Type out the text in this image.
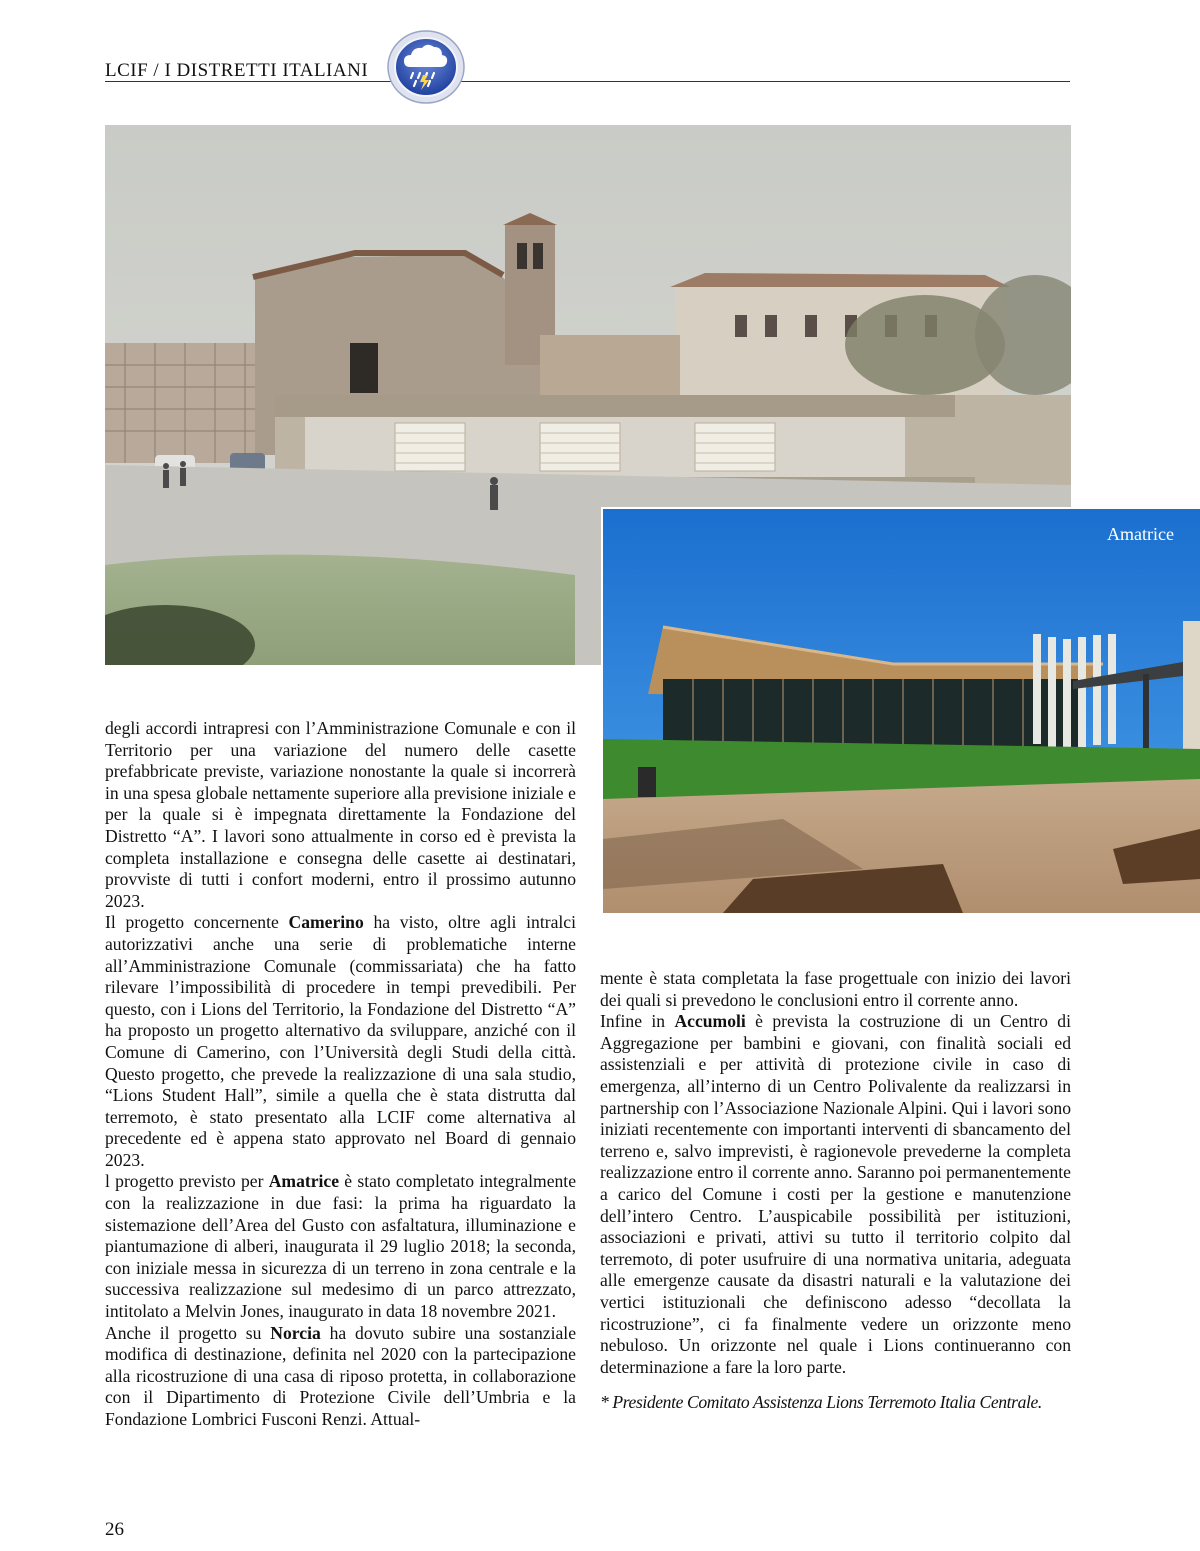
LCIF / I DISTRETTI ITALIANI
Amatrice

degli accordi intrapresi con l’Amministrazione Comunale e con il Territorio per una variazione del numero delle casette prefabbricate previste, variazione nonostante la quale si incorrerà in una spesa globale nettamente superiore alla previsione iniziale e per la quale si è impegnata direttamente la Fondazione del Distretto “A”. I lavori sono attualmente in corso ed è prevista la completa installazione e consegna delle casette ai destinatari, provviste di tutti i confort moderni, entro il prossimo autunno 2023.

Il progetto concernente Camerino ha visto, oltre agli intralci autorizzativi anche una serie di problematiche interne all’Amministrazione Comunale (commissariata) che ha fatto rilevare l’impossibilità di procedere in tempi prevedibili. Per questo, con i Lions del Territorio, la Fondazione del Distretto “A” ha proposto un progetto alternativo da sviluppare, anziché con il Comune di Camerino, con l’Università degli Studi della città. Questo progetto, che prevede la realizzazione di una sala studio, “Lions Student Hall”, simile a quella che è stata distrutta dal terremoto, è stato presentato alla LCIF come alternativa al precedente ed è appena stato approvato nel Board di gennaio 2023.

l progetto previsto per Amatrice è stato completato integralmente con la realizzazione in due fasi: la prima ha riguardato la sistemazione dell’Area del Gusto con asfaltatura, illuminazione e piantumazione di alberi, inaugurata il 29 luglio 2018; la seconda, con iniziale messa in sicurezza di un terreno in zona centrale e la successiva realizzazione sul medesimo di un parco attrezzato, intitolato a Melvin Jones, inaugurato in data 18 novembre 2021.

Anche il progetto su Norcia ha dovuto subire una sostanziale modifica di destinazione, definita nel 2020 con la partecipazione alla ricostruzione di una casa di riposo protetta, in collaborazione con il Dipartimento di Protezione Civile dell’Umbria e la Fondazione Lombrici Fusconi Renzi. Attual-

mente è stata completata la fase progettuale con inizio dei lavori dei quali si prevedono le conclusioni entro il corrente anno.

Infine in Accumoli è prevista la costruzione di un Centro di Aggregazione per bambini e giovani, con finalità sociali ed assistenziali e per attività di protezione civile in caso di emergenza, all’interno di un Centro Polivalente da realizzarsi in partnership con l’Associazione Nazionale Alpini. Qui i lavori sono iniziati recentemente con importanti interventi di sbancamento del terreno e, salvo imprevisti, è ragionevole prevederne la completa realizzazione entro il corrente anno. Saranno poi permanentemente a carico del Comune i costi per la gestione e manutenzione dell’intero Centro. L’auspicabile possibilità per istituzioni, associazioni e privati, attivi su tutto il territorio colpito dal terremoto, di poter usufruire di una normativa unitaria, adeguata alle emergenze causate da disastri naturali e la valutazione dei vertici istituzionali che definiscono adesso “decollata la ricostruzione”, ci fa finalmente vedere un orizzonte meno nebuloso. Un orizzonte nel quale i Lions continueranno con determinazione a fare la loro parte.

* Presidente Comitato Assistenza Lions Terremoto Italia Centrale.

26
